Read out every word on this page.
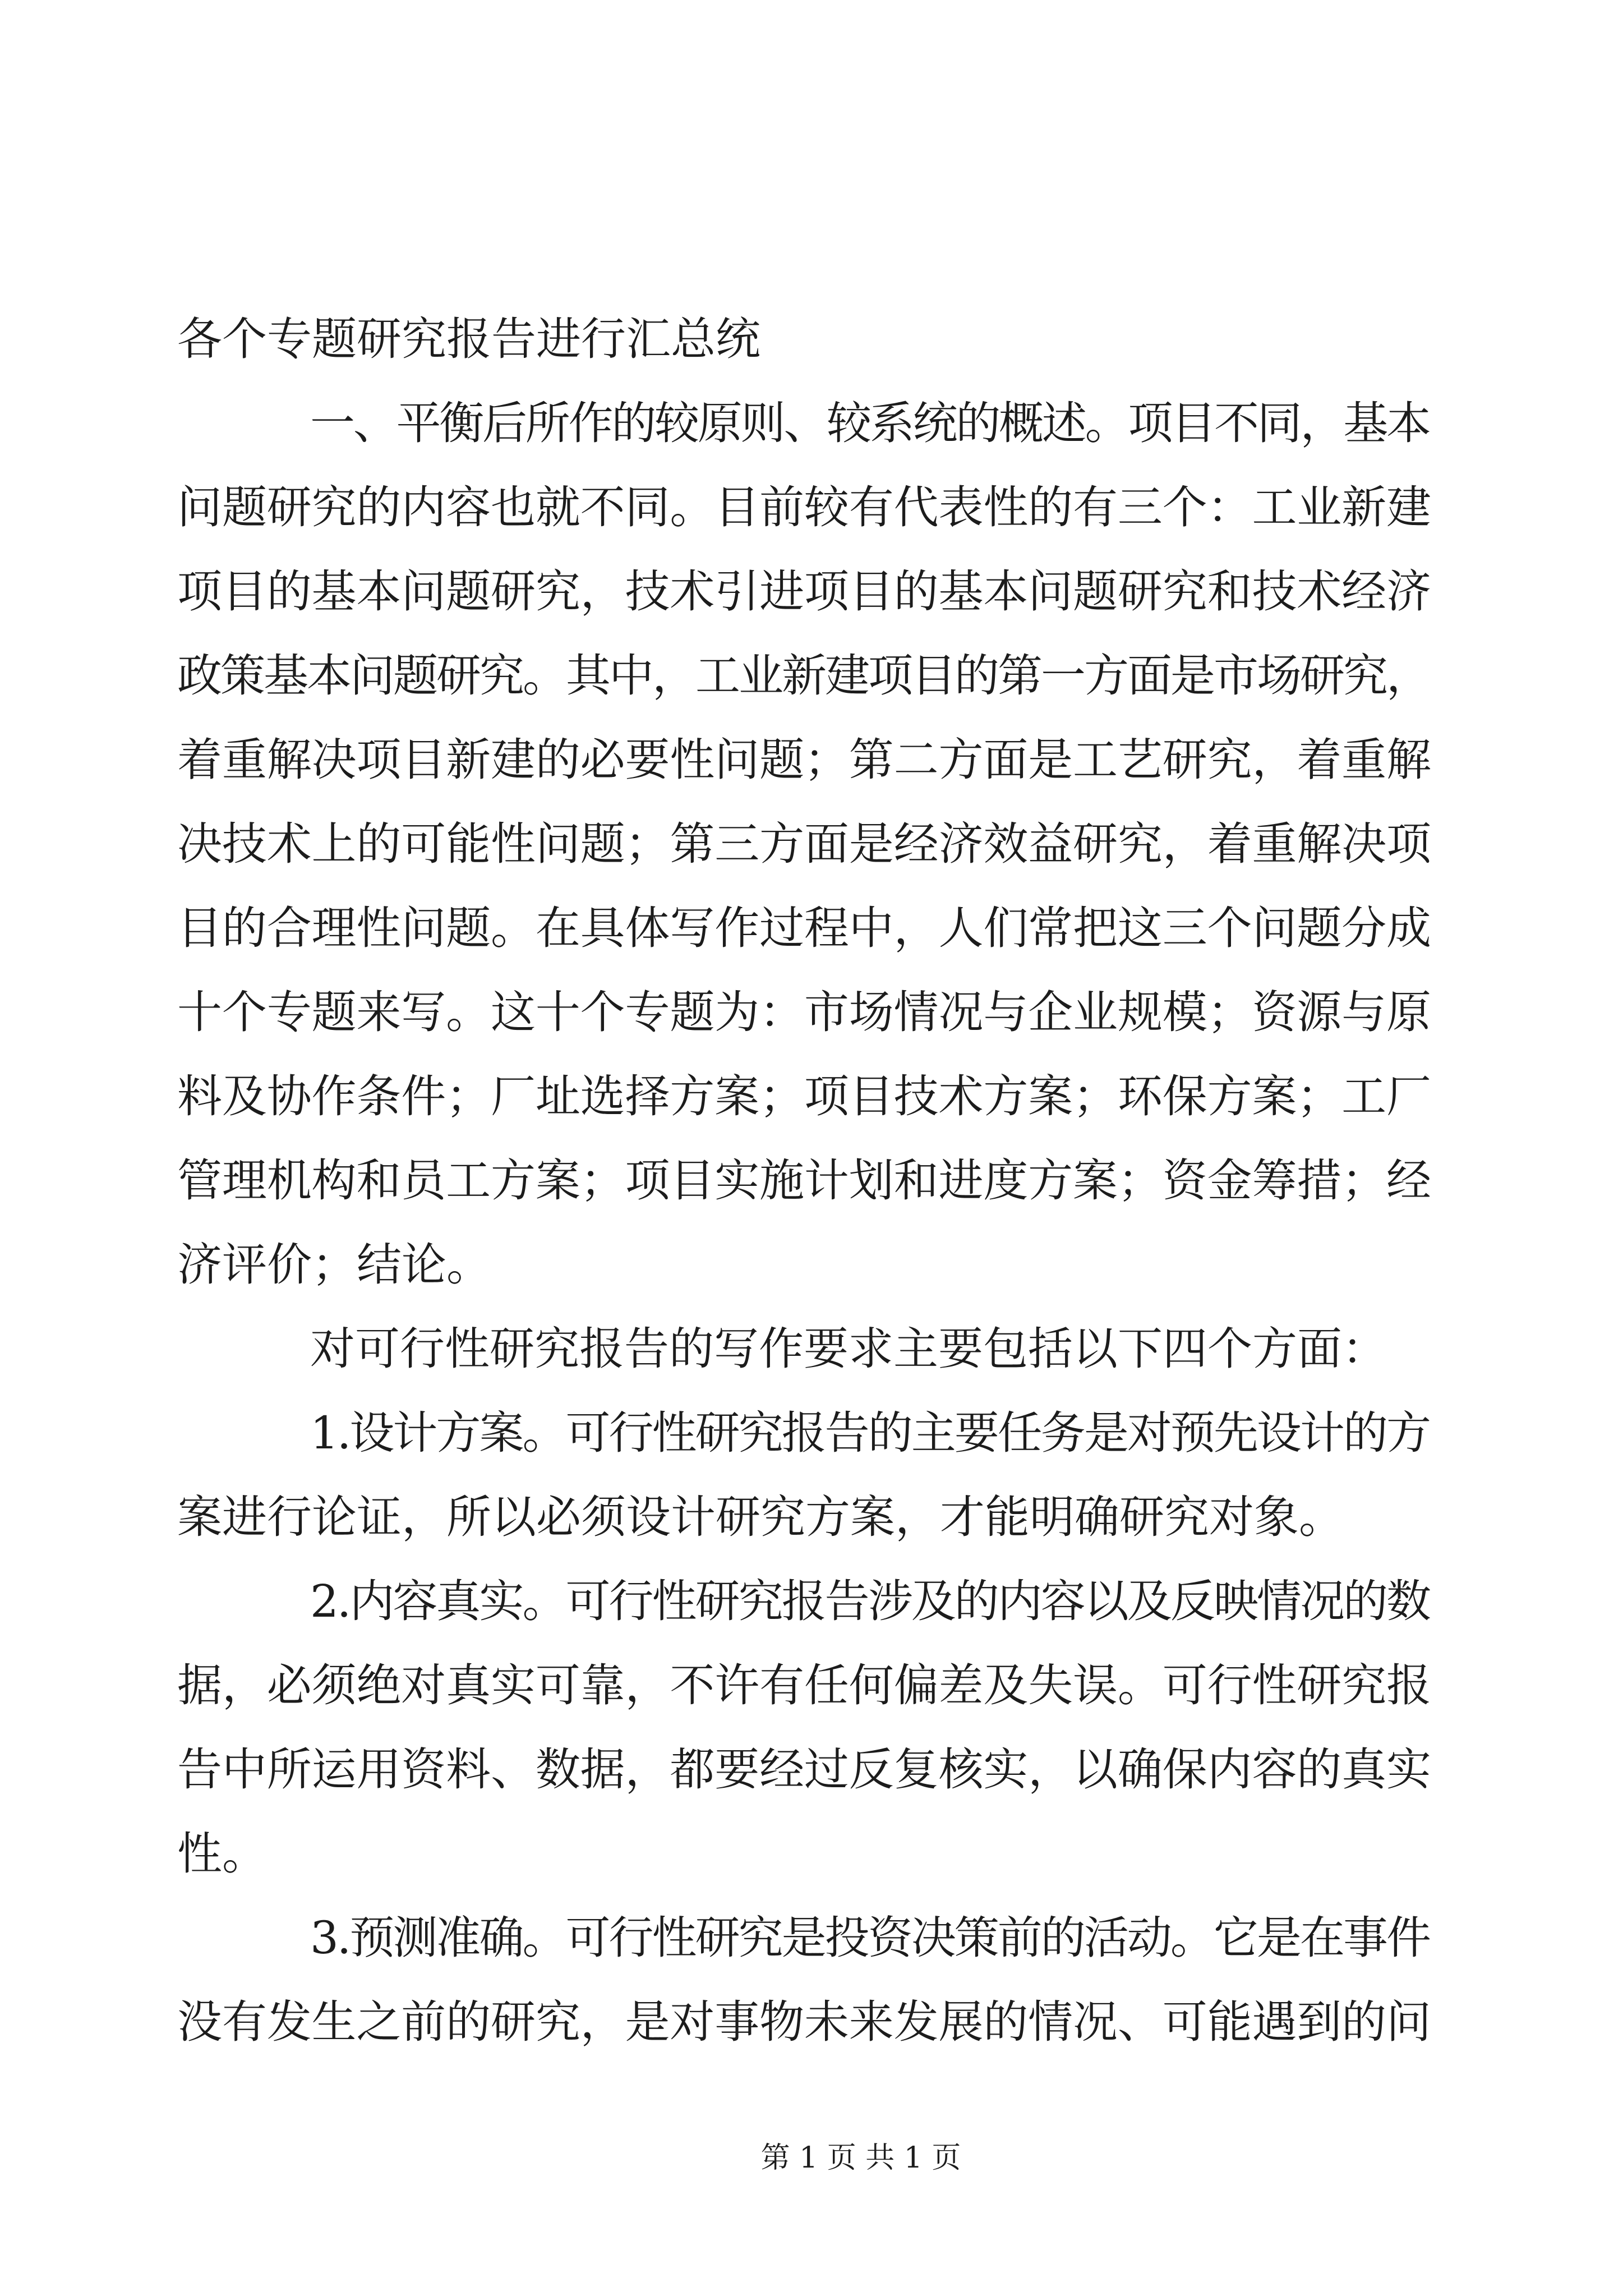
各个专题研究报告进行汇总统
一、平衡后所作的较原则、较系统的概述。项目不同，基本
问题研究的内容也就不同。目前较有代表性的有三个：工业新建
项目的基本问题研究，技术引进项目的基本问题研究和技术经济
政策基本问题研究。其中，工业新建项目的第一方面是市场研究，
着重解决项目新建的必要性问题；第二方面是工艺研究，着重解
决技术上的可能性问题；第三方面是经济效益研究，着重解决项
目的合理性问题。在具体写作过程中，人们常把这三个问题分成
十个专题来写。这十个专题为：市场情况与企业规模；资源与原
料及协作条件；厂址选择方案；项目技术方案；环保方案；工厂
管理机构和员工方案；项目实施计划和进度方案；资金筹措；经
济评价；结论。
对可行性研究报告的写作要求主要包括以下四个方面：
1.设计方案。可行性研究报告的主要任务是对预先设计的方
案进行论证，所以必须设计研究方案，才能明确研究对象。
2.内容真实。可行性研究报告涉及的内容以及反映情况的数
据，必须绝对真实可靠，不许有任何偏差及失误。可行性研究报
告中所运用资料、数据，都要经过反复核实，以确保内容的真实
性。
3.预测准确。可行性研究是投资决策前的活动。它是在事件
没有发生之前的研究，是对事物未来发展的情况、可能遇到的问
第 1 页 共 1 页
